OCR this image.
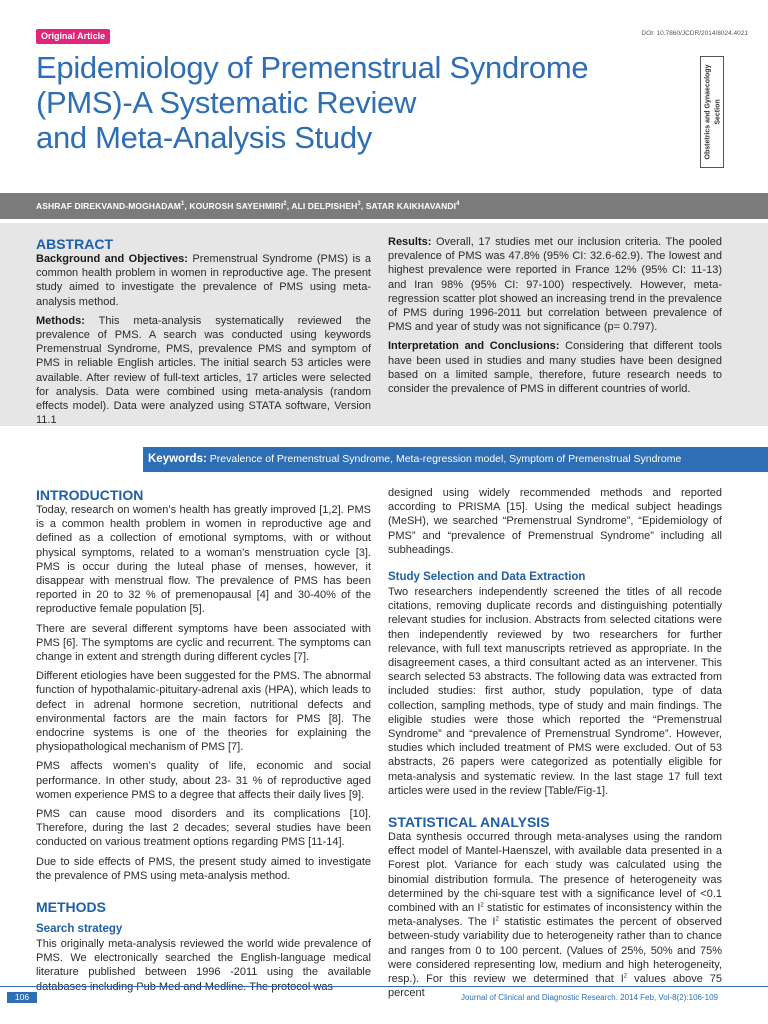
Original Article	DOI: 10.7860/JCDR/2014/8024.4021
Epidemiology of Premenstrual Syndrome
(PMS)-A Systematic Review
and Meta-Analysis Study	Obstetrics and Gynaecology Section
ASHRAF DIREKVAND-MOGHADAM$^1$, KOUROSH SAYEHMIRI$^2$, ALI DELPISHEH$^3$, SATAR KAIKHAVANDI$^4$
ABSTRACT

Background and Objectives: Premenstrual Syndrome (PMS) is a common health problem in women in reproductive age. The present study aimed to investigate the prevalence of PMS using meta-analysis method.

Methods: This meta-analysis systematically reviewed the prevalence of PMS. A search was conducted using keywords Premenstrual Syndrome, PMS, prevalence PMS and symptom of PMS in reliable English articles. The initial search 53 articles were available. After review of full-text articles, 17 articles were selected for analysis. Data were combined using meta-analysis (random effects model). Data were analyzed using STATA software, Version 11.1

Results: Overall, 17 studies met our inclusion criteria. The pooled prevalence of PMS was 47.8% (95% CI: 32.6-62.9). The lowest and highest prevalence were reported in France 12% (95% CI: 11-13) and Iran 98% (95% CI: 97-100) respectively. However, meta-regression scatter plot showed an increasing trend in the prevalence of PMS during 1996-2011 but correlation between prevalence of PMS and year of study was not significance (p= 0.797).

Interpretation and Conclusions: Considering that different tools have been used in studies and many studies have been designed based on a limited sample, therefore, future research needs to consider the prevalence of PMS in different countries of world.

Keywords: Prevalence of Premenstrual Syndrome, Meta-regression model, Symptom of Premenstrual Syndrome
INTRODUCTION

Today, research on women’s health has greatly improved [1,2]. PMS is a common health problem in women in reproductive age and defined as a collection of emotional symptoms, with or without physical symptoms, related to a woman’s menstruation cycle [3]. PMS is occur during the luteal phase of menses, however, it disappear with menstrual flow. The prevalence of PMS has been reported in 20 to 32 % of premenopausal [4] and 30-40% of the reproductive female population [5].

There are several different symptoms have been associated with PMS [6]. The symptoms are cyclic and recurrent. The symptoms can change in extent and strength during different cycles [7].

Different etiologies have been suggested for the PMS. The abnormal function of hypothalamic-pituitary-adrenal axis (HPA), which leads to defect in adrenal hormone secretion, nutritional defects and environmental factors are the main factors for PMS [8]. The endocrine systems is one of the theories for explaining the physiopathological mechanism of PMS [7].

PMS affects women’s quality of life, economic and social performance. In other study, about 23- 31 % of reproductive aged women experience PMS to a degree that affects their daily lives [9].

PMS can cause mood disorders and its complications [10]. Therefore, during the last 2 decades; several studies have been conducted on various treatment options regarding PMS [11-14].

Due to side effects of PMS, the present study aimed to investigate the prevalence of PMS using meta-analysis method.

METHODS
Search strategy

This originally meta-analysis reviewed the world wide prevalence of PMS. We electronically searched the English-language medical literature published between 1996 -2011 using the available

designed using widely recommended methods and reported according to PRISMA [15]. Using the medical subject headings (MeSH), we searched “Premenstrual Syndrome”, “Epidemiology of PMS” and “prevalence of Premenstrual Syndrome” including all subheadings.

Study Selection and Data Extraction

Two researchers independently screened the titles of all recode citations, removing duplicate records and distinguishing potentially relevant studies for inclusion. Abstracts from selected citations were then independently reviewed by two researchers for further relevance, with full text manuscripts retrieved as appropriate. In the disagreement cases, a third consultant acted as an intervener. This search selected 53 abstracts. The following data was extracted from included studies: first author, study population, type of data collection, sampling methods, type of study and main findings. The eligible studies were those which reported the “Premenstrual Syndrome” and “prevalence of Premenstrual Syndrome”. However, studies which included treatment of PMS were excluded. Out of 53 abstracts, 26 papers were categorized as potentially eligible for meta-analysis and systematic review. In the last stage 17 full text articles were used in the review [Table/Fig-1].

STATISTICAL ANALYSIS

Data synthesis occurred through meta-analyses using the random effect model of Mantel-Haenszel, with available data presented in a Forest plot. Variance for each study was calculated using the binomial distribution formula. The presence of heterogeneity was determined by the chi-square test with a significance level of <0.1 combined with an $I^2$ statistic for estimates of inconsistency within the meta-analyses. The $I^2$ statistic estimates the percent of observed between-study variability due to heterogeneity rather than to chance and ranges from 0 to 100 percent. (Values of 25%, 50% and 75% were considered representing low, medium and high heterogeneity, resp.). For this review we determined that $I^2$ values above 75 percent

106	Journal of Clinical and Diagnostic Research. 2014 Feb, Vol-8(2):106-109
